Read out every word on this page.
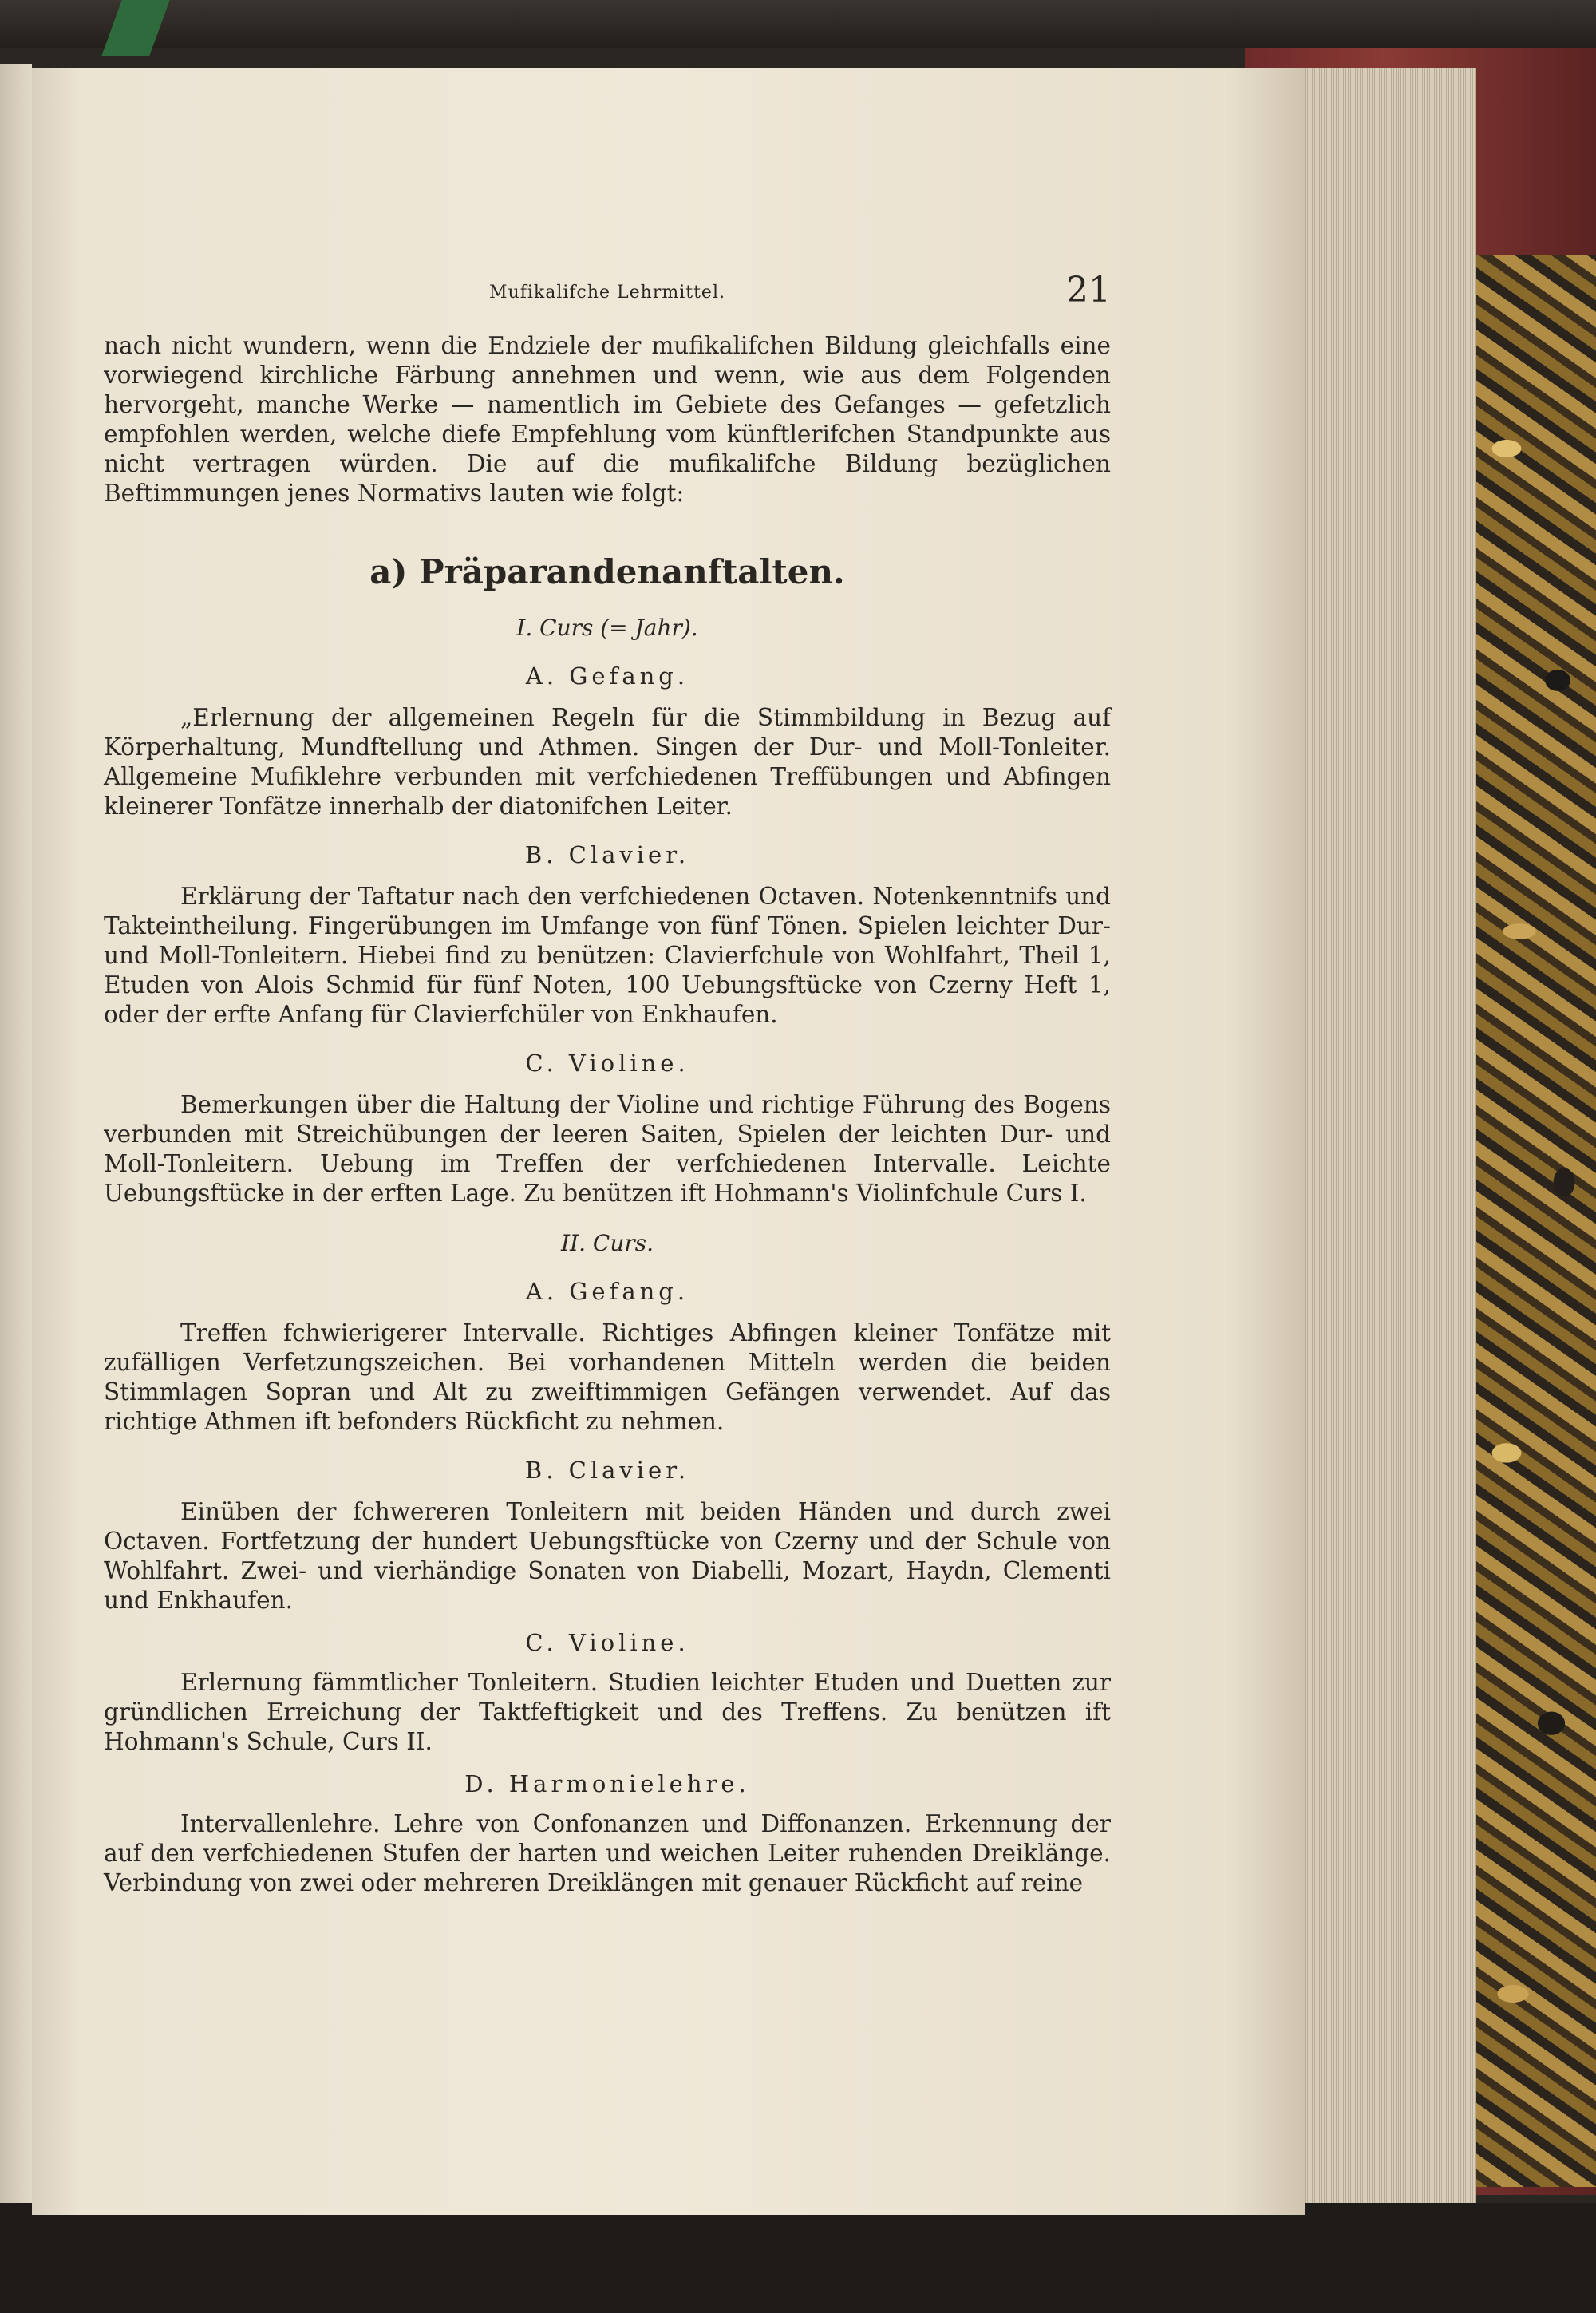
Mufikalifche Lehrmittel.	21

nach nicht wundern, wenn die Endziele der mufikalifchen Bildung gleichfalls eine vorwiegend kirchliche Färbung annehmen und wenn, wie aus dem Folgenden hervorgeht, manche Werke — namentlich im Gebiete des Gefanges — gefetzlich empfohlen werden, welche diefe Empfehlung vom künftlerifchen Standpunkte aus nicht vertragen würden. Die auf die mufikalifche Bildung bezüglichen Beftimmungen jenes Normativs lauten wie folgt:

a) Präparandenanftalten.
I. Curs (= Jahr).
A. Gefang.

„Erlernung der allgemeinen Regeln für die Stimmbildung in Bezug auf Körperhaltung, Mundftellung und Athmen. Singen der Dur- und Moll-Tonleiter. Allgemeine Mufiklehre verbunden mit verfchiedenen Treffübungen und Abfingen kleinerer Tonfätze innerhalb der diatonifchen Leiter.

B. Clavier.

Erklärung der Taftatur nach den verfchiedenen Octaven. Notenkenntnifs und Takteintheilung. Fingerübungen im Umfange von fünf Tönen. Spielen leichter Dur- und Moll-Tonleitern. Hiebei find zu benützen: Clavierfchule von Wohlfahrt, Theil 1, Etuden von Alois Schmid für fünf Noten, 100 Uebungsftücke von Czerny Heft 1, oder der erfte Anfang für Clavierfchüler von Enkhaufen.

C. Violine.

Bemerkungen über die Haltung der Violine und richtige Führung des Bogens verbunden mit Streichübungen der leeren Saiten, Spielen der leichten Dur- und Moll-Tonleitern. Uebung im Treffen der verfchiedenen Intervalle. Leichte Uebungsftücke in der erften Lage. Zu benützen ift Hohmann's Violinfchule Curs I.

II. Curs.
A. Gefang.

Treffen fchwierigerer Intervalle. Richtiges Abfingen kleiner Tonfätze mit zufälligen Verfetzungszeichen. Bei vorhandenen Mitteln werden die beiden Stimmlagen Sopran und Alt zu zweiftimmigen Gefängen verwendet. Auf das richtige Athmen ift befonders Rückficht zu nehmen.

B. Clavier.

Einüben der fchwereren Tonleitern mit beiden Händen und durch zwei Octaven. Fortfetzung der hundert Uebungsftücke von Czerny und der Schule von Wohlfahrt. Zwei- und vierhändige Sonaten von Diabelli, Mozart, Haydn, Clementi und Enkhaufen.

C. Violine.

Erlernung fämmtlicher Tonleitern. Studien leichter Etuden und Duetten zur gründlichen Erreichung der Taktfeftigkeit und des Treffens. Zu benützen ift Hohmann's Schule, Curs II.

D. Harmonielehre.

Intervallenlehre. Lehre von Confonanzen und Diffonanzen. Erkennung der auf den verfchiedenen Stufen der harten und weichen Leiter ruhenden Dreiklänge. Verbindung von zwei oder mehreren Dreiklängen mit genauer Rückficht auf reine
